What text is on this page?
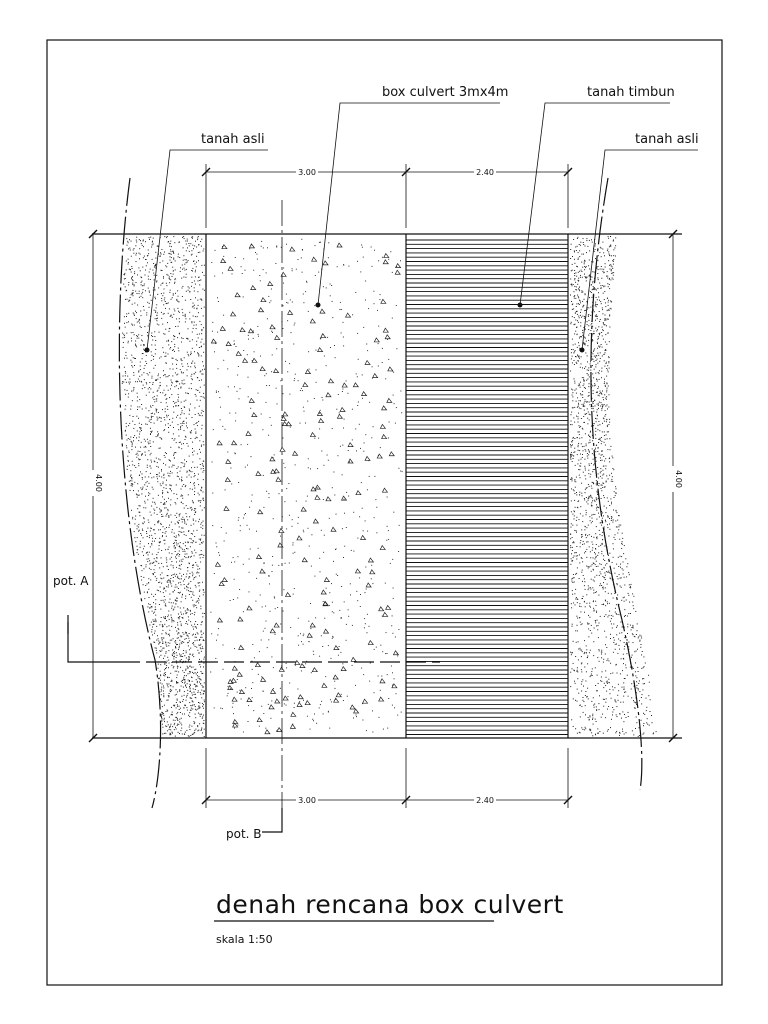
3.00	2.40
3.00	2.40
4.00	4.00
pot. A
pot. B
tanah asli
box culvert 3mx4m	tanah timbun
tanah asli
denah rencana box culvert
skala 1:50
